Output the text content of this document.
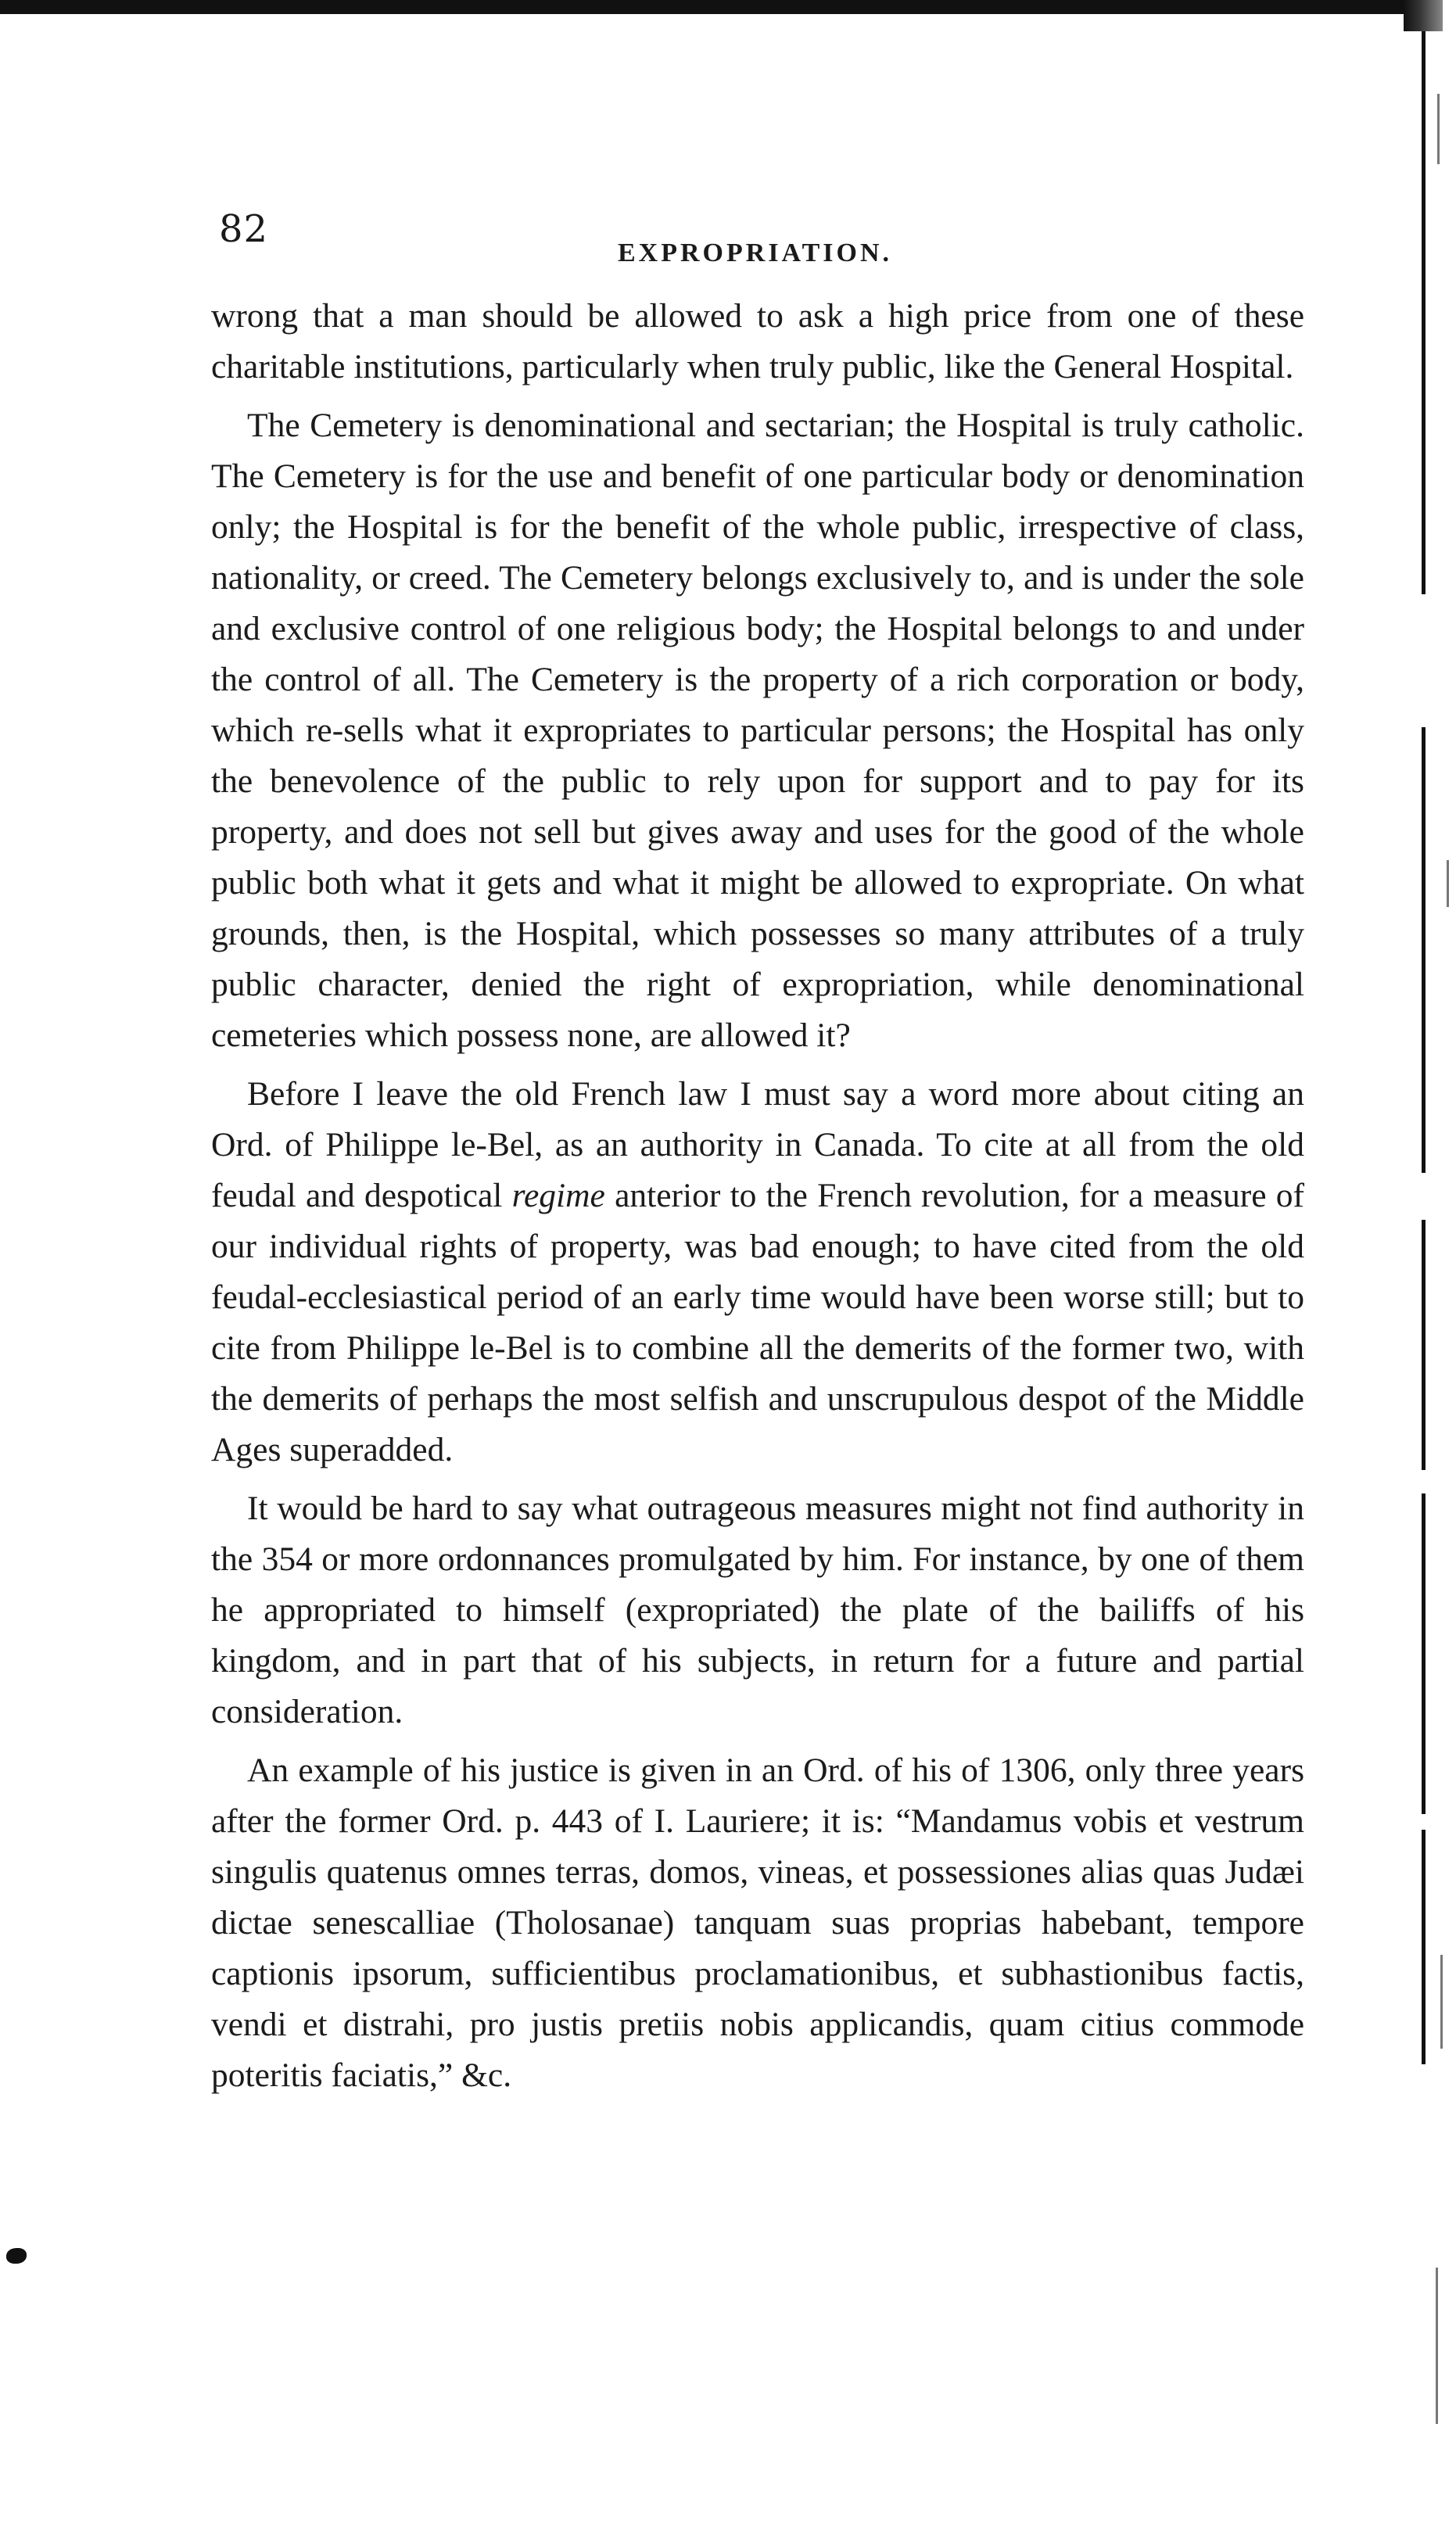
82
EXPROPRIATION.

wrong that a man should be allowed to ask a high price from one of these charitable institutions, particularly when truly public, like the General Hospital.

The Cemetery is denominational and sectarian; the Hospital is truly catholic. The Cemetery is for the use and benefit of one particular body or denomination only; the Hospital is for the benefit of the whole public, irrespective of class, nationality, or creed. The Cemetery belongs exclusively to, and is under the sole and exclusive control of one religious body; the Hospital belongs to and under the control of all. The Cemetery is the property of a rich corporation or body, which re-sells what it expropriates to particular persons; the Hospital has only the benevolence of the public to rely upon for support and to pay for its property, and does not sell but gives away and uses for the good of the whole public both what it gets and what it might be allowed to expropriate. On what grounds, then, is the Hospital, which possesses so many attributes of a truly public character, denied the right of expropriation, while denominational cemeteries which possess none, are allowed it?

Before I leave the old French law I must say a word more about citing an Ord. of Philippe le-Bel, as an authority in Canada. To cite at all from the old feudal and despotical regime anterior to the French revolution, for a measure of our individual rights of property, was bad enough; to have cited from the old feudal-ecclesiastical period of an early time would have been worse still; but to cite from Philippe le-Bel is to combine all the demerits of the former two, with the demerits of perhaps the most selfish and unscrupulous despot of the Middle Ages superadded.

It would be hard to say what outrageous measures might not find authority in the 354 or more ordonnances promulgated by him. For instance, by one of them he appropriated to himself (expropriated) the plate of the bailiffs of his kingdom, and in part that of his subjects, in return for a future and partial consideration.

An example of his justice is given in an Ord. of his of 1306, only three years after the former Ord. p. 443 of I. Lauriere; it is: “Mandamus vobis et vestrum singulis quatenus omnes terras, domos, vineas, et possessiones alias quas Judæi dictae senescalliae (Tholosanae) tanquam suas proprias habebant, tempore captionis ipsorum, sufficientibus proclamationibus, et subhastionibus factis, vendi et distrahi, pro justis pretiis nobis applicandis, quam citius commode poteritis faciatis,” &c.
